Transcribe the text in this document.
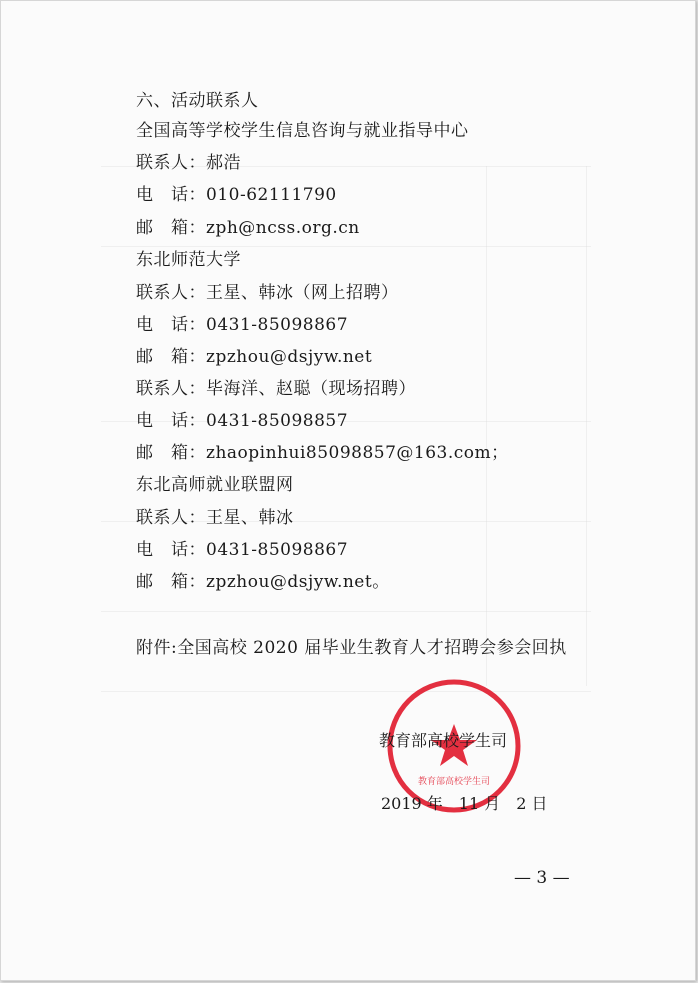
六、活动联系人
全国高等学校学生信息咨询与就业指导中心
联系人：郝浩
电　话：010-62111790
邮　箱：zph@ncss.org.cn
东北师范大学
联系人：王星、韩冰（网上招聘）
电　话：0431-85098867
邮　箱：zpzhou@dsjyw.net
联系人：毕海洋、赵聪（现场招聘）
电　话：0431-85098857
邮　箱：zhaopinhui85098857@163.com；
东北高师就业联盟网
联系人：王星、韩冰
电　话：0431-85098867
邮　箱：zpzhou@dsjyw.net。
附件:全国高校 2020 届毕业生教育人才招聘会参会回执
教育部高校学生司
教育部高校学生司
2019 年　11 月　2 日
— 3 —
